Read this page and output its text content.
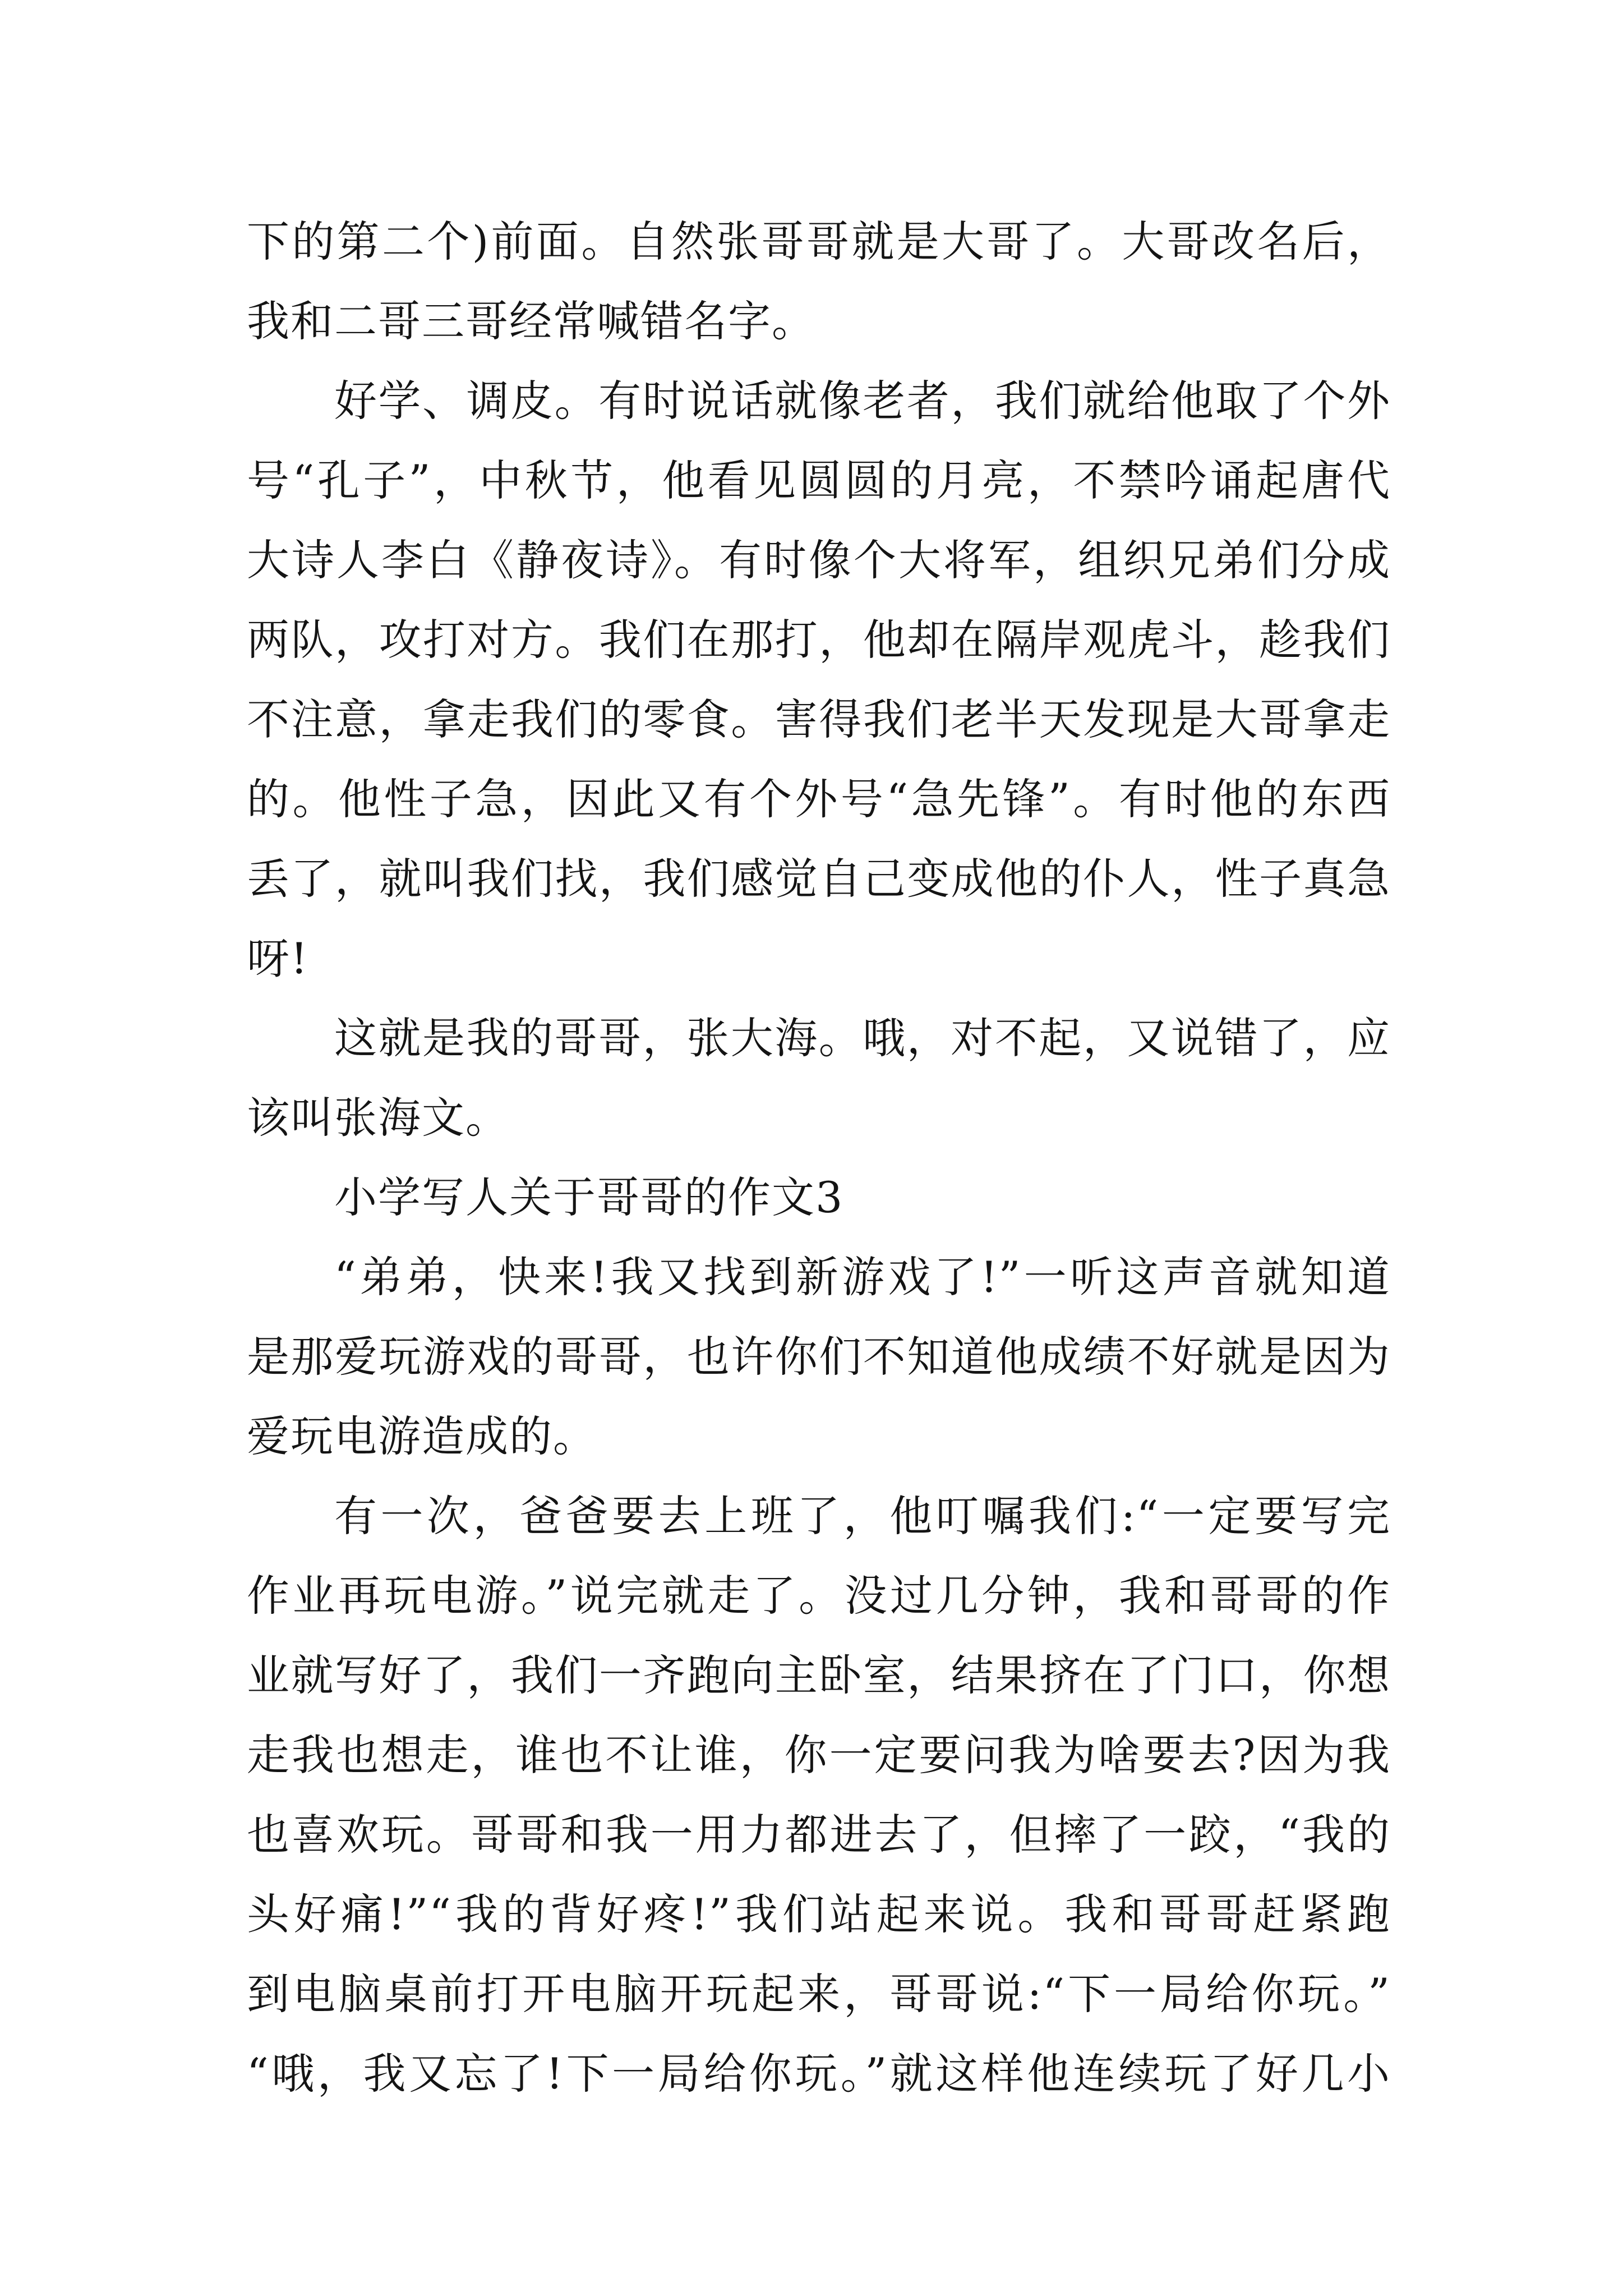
下的第二个)前面。自然张哥哥就是大哥了。大哥改名后，
我和二哥三哥经常喊错名字。
好学、调皮。有时说话就像老者，我们就给他取了个外
号“孔子”，中秋节，他看见圆圆的月亮，不禁吟诵起唐代
大诗人李白《静夜诗》。有时像个大将军，组织兄弟们分成
两队，攻打对方。我们在那打，他却在隔岸观虎斗，趁我们
不注意，拿走我们的零食。害得我们老半天发现是大哥拿走
的。他性子急，因此又有个外号“急先锋”。有时他的东西
丢了，就叫我们找，我们感觉自己变成他的仆人，性子真急
呀!
这就是我的哥哥，张大海。哦，对不起，又说错了，应
该叫张海文。
小学写人关于哥哥的作文3
“弟弟，快来!我又找到新游戏了!”一听这声音就知道
是那爱玩游戏的哥哥，也许你们不知道他成绩不好就是因为
爱玩电游造成的。
有一次，爸爸要去上班了，他叮嘱我们:“一定要写完
作业再玩电游。”说完就走了。没过几分钟，我和哥哥的作
业就写好了，我们一齐跑向主卧室，结果挤在了门口，你想
走我也想走，谁也不让谁，你一定要问我为啥要去?因为我
也喜欢玩。哥哥和我一用力都进去了，但摔了一跤，“我的
头好痛!”“我的背好疼!”我们站起来说。我和哥哥赶紧跑
到电脑桌前打开电脑开玩起来，哥哥说:“下一局给你玩。”
“哦，我又忘了!下一局给你玩。”就这样他连续玩了好几小
